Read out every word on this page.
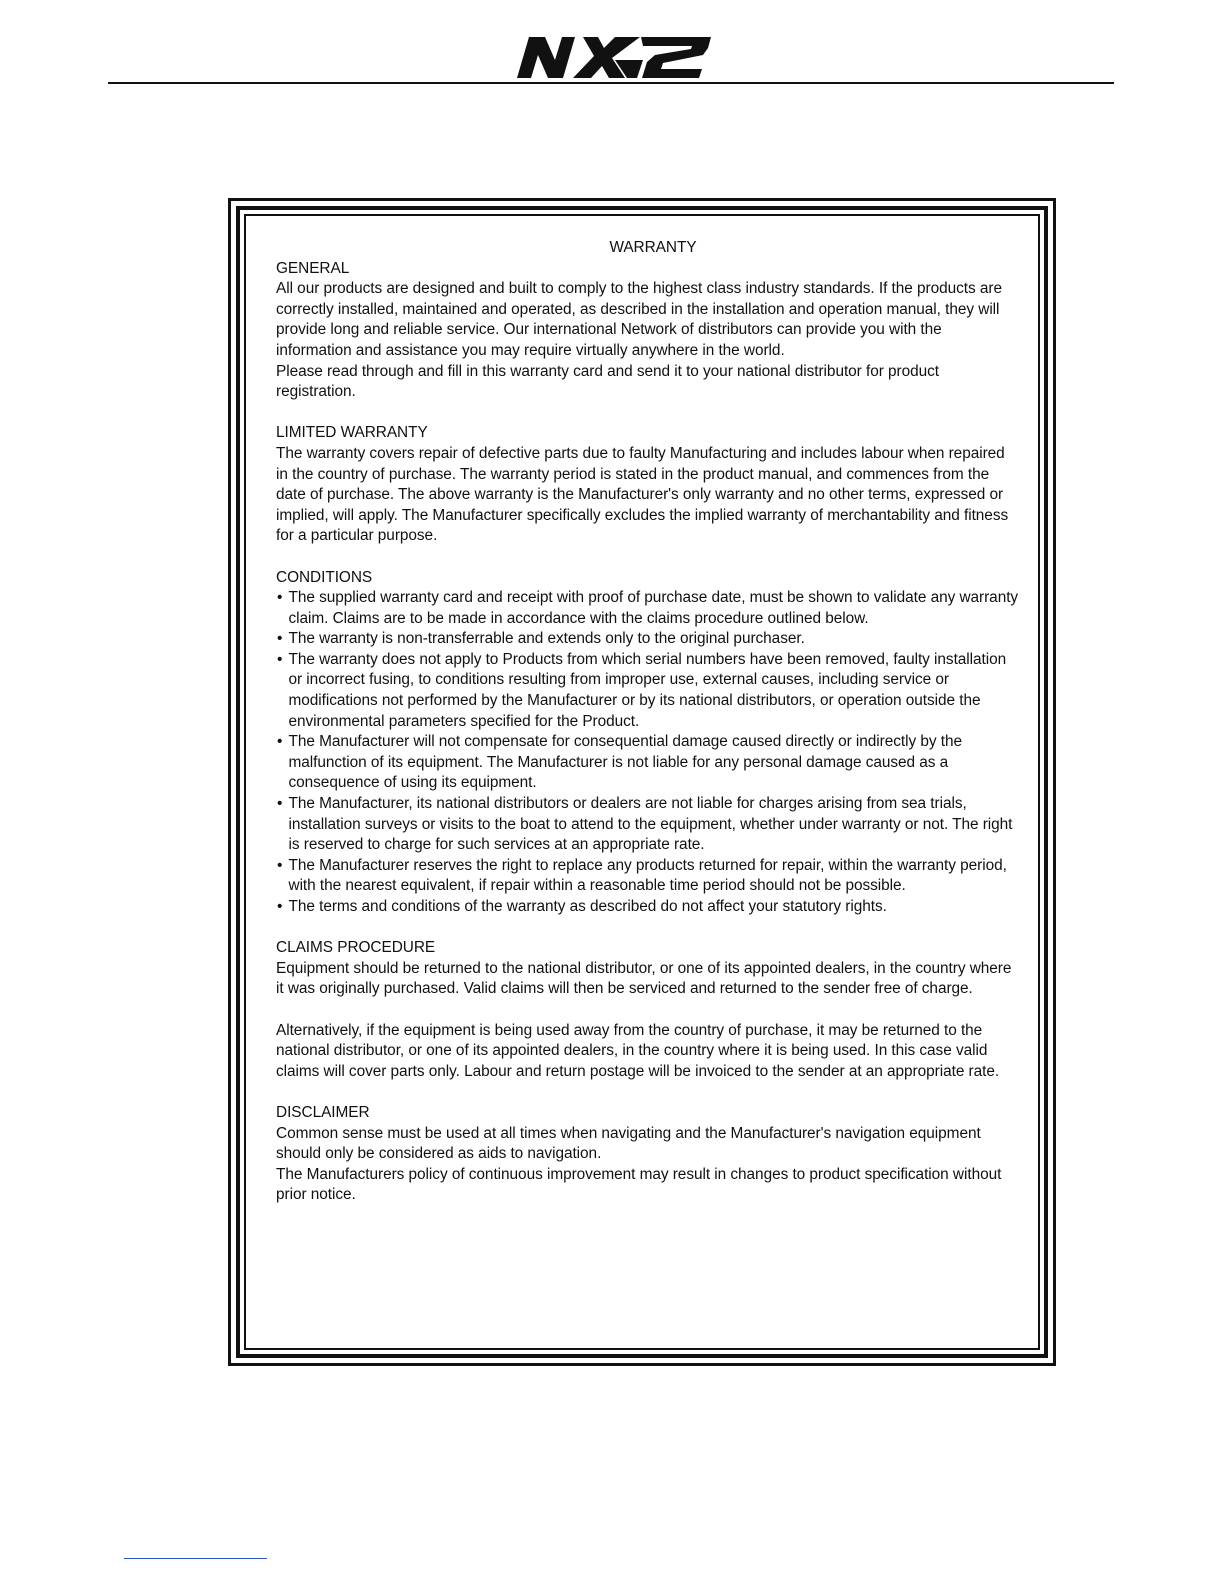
WARRANTY

GENERAL

All our products are designed and built to comply to the highest class industry standards. If the products are correctly installed, maintained and operated, as described in the installation and operation manual, they will provide long and reliable service. Our international Network of distributors can provide you with the information and assistance you may require virtually anywhere in the world.

Please read through and fill in this warranty card and send it to your national distributor for product registration.

LIMITED WARRANTY

The warranty covers repair of defective parts due to faulty Manufacturing and includes labour when repaired in the country of purchase. The warranty period is stated in the product manual, and commences from the date of purchase. The above warranty is the Manufacturer's only warranty and no other terms, expressed or implied, will apply. The Manufacturer specifically excludes the implied warranty of merchantability and fitness for a particular purpose.

CONDITIONS

• The supplied warranty card and receipt with proof of purchase date, must be shown to validate any warranty claim. Claims are to be made in accordance with the claims procedure outlined below.
• The warranty is non-transferrable and extends only to the original purchaser.
• The warranty does not apply to Products from which serial numbers have been removed, faulty installation or incorrect fusing, to conditions resulting from improper use, external causes, including service or modifications not performed by the Manufacturer or by its national distributors, or operation outside the environmental parameters specified for the Product.
• The Manufacturer will not compensate for consequential damage caused directly or indirectly by the malfunction of its equipment. The Manufacturer is not liable for any personal damage caused as a consequence of using its equipment.
• The Manufacturer, its national distributors or dealers are not liable for charges arising from sea trials, installation surveys or visits to the boat to attend to the equipment, whether under warranty or not. The right is reserved to charge for such services at an appropriate rate.
• The Manufacturer reserves the right to replace any products returned for repair, within the warranty period, with the nearest equivalent, if repair within a reasonable time period should not be possible.
• The terms and conditions of the warranty as described do not affect your statutory rights.

CLAIMS PROCEDURE

Equipment should be returned to the national distributor, or one of its appointed dealers, in the country where it was originally purchased. Valid claims will then be serviced and returned to the sender free of charge.

Alternatively, if the equipment is being used away from the country of purchase, it may be returned to the national distributor, or one of its appointed dealers, in the country where it is being used. In this case valid claims will cover parts only. Labour and return postage will be invoiced to the sender at an appropriate rate.

DISCLAIMER

Common sense must be used at all times when navigating and the Manufacturer's navigation equipment should only be considered as aids to navigation.

The Manufacturers policy of continuous improvement may result in changes to product specification without prior notice.
